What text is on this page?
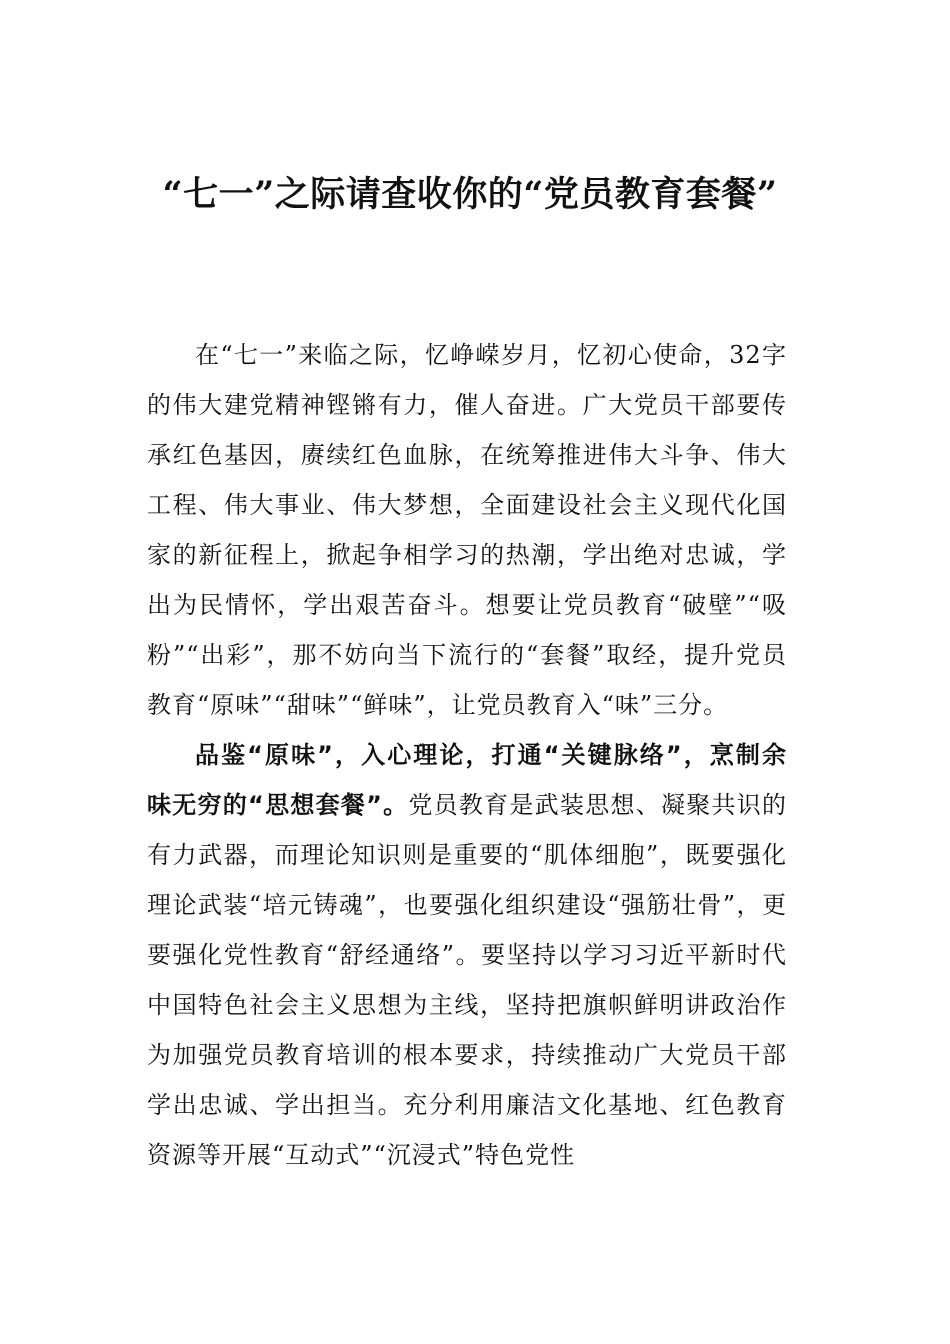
“七一”之际请查收你的“党员教育套餐”

在“七一”来临之际，忆峥嵘岁月，忆初心使命，32字的伟大建党精神铿锵有力，催人奋进。广大党员干部要传承红色基因，赓续红色血脉，在统筹推进伟大斗争、伟大工程、伟大事业、伟大梦想，全面建设社会主义现代化国家的新征程上，掀起争相学习的热潮，学出绝对忠诚，学出为民情怀，学出艰苦奋斗。想要让党员教育“破壁”“吸粉”“出彩”，那不妨向当下流行的“套餐”取经，提升党员教育“原味”“甜味”“鲜味”，让党员教育入“味”三分。

品鉴“原味”，入心理论，打通“关键脉络”，烹制余味无穷的“思想套餐”。党员教育是武装思想、凝聚共识的有力武器，而理论知识则是重要的“肌体细胞”，既要强化理论武装“培元铸魂”，也要强化组织建设“强筋壮骨”，更要强化党性教育“舒经通络”。要坚持以学习习近平新时代中国特色社会主义思想为主线，坚持把旗帜鲜明讲政治作为加强党员教育培训的根本要求，持续推动广大党员干部学出忠诚、学出担当。充分利用廉洁文化基地、红色教育资源等开展“互动式”“沉浸式”特色党性
